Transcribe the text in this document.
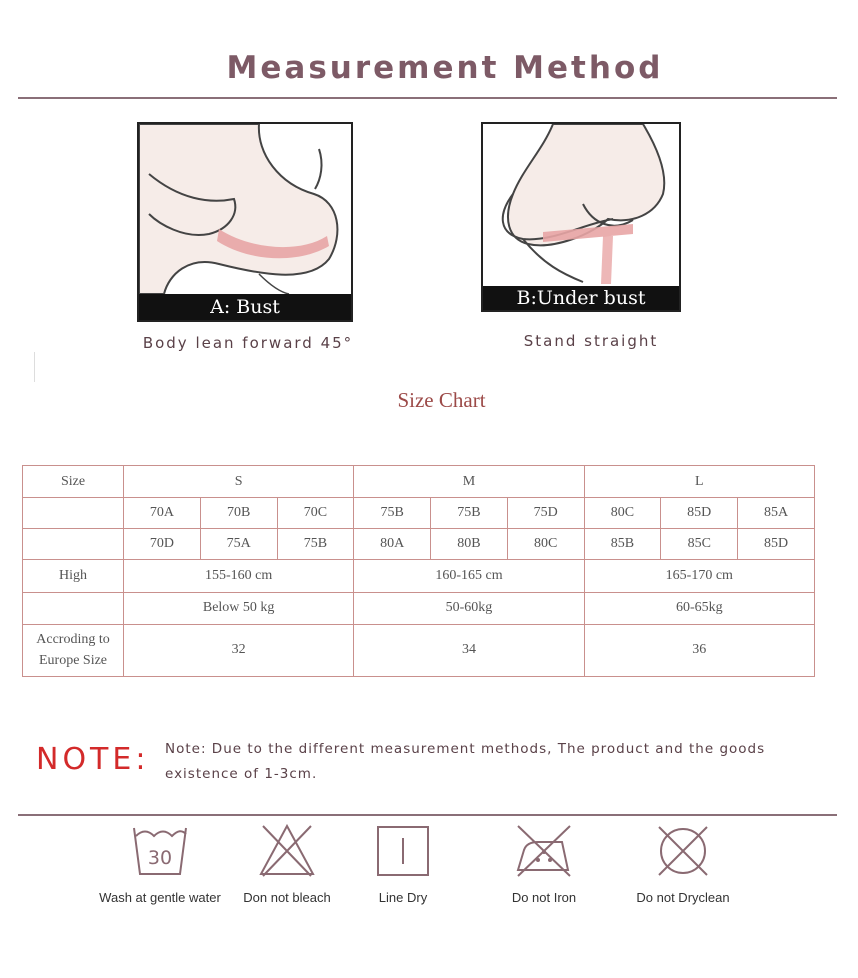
Measurement Method
A: Bust
Body lean forward 45°
B:Under bust
Stand straight
Size Chart
Size	S			M			L		
	70A	70B	70C	75B	75B	75D	80C	85D	85A
	70D	75A	75B	80A	80B	80C	85B	85C	85D
High	155-160 cm			160-165 cm			165-170 cm		
	Below 50 kg			50-60kg			60-65kg		
Accroding to
Europe Size	32			34			36		
NOTE: Note: Due to the different measurement methods, The product and the goods existence of 1-3cm.
30
Wash at gentle water	Don not bleach	Line Dry	Do not Iron	Do not Dryclean
